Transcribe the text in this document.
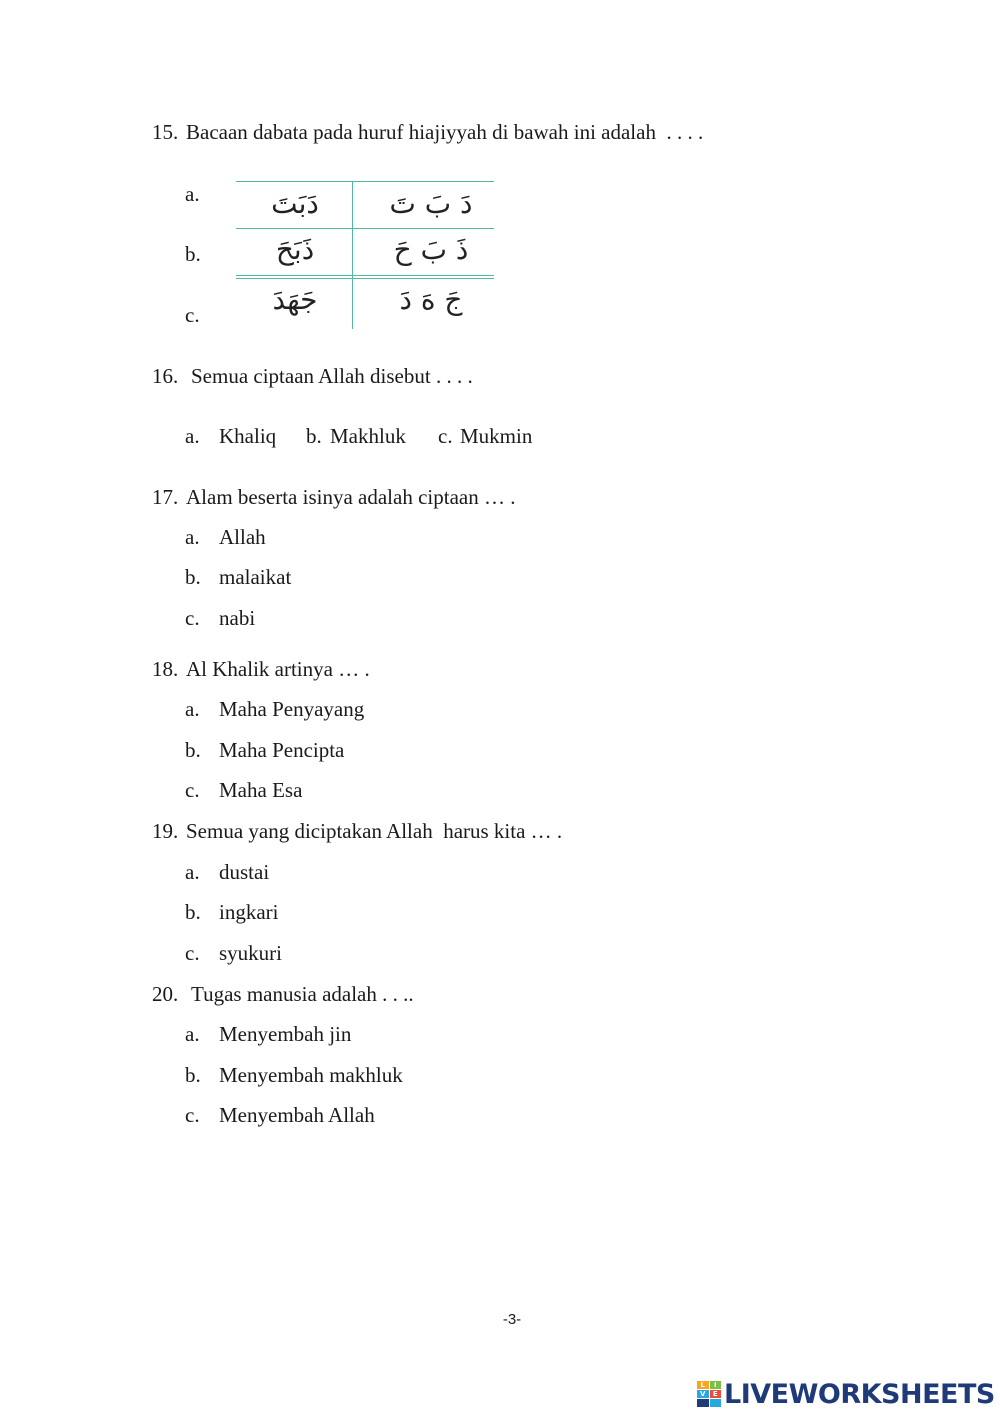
15. Bacaan dabata pada huruf hiajiyyah di bawah ini adalah  . . . .
a.
b.
c.
دَبَتَ	دَ بَ تَ
ذَبَحَ	ذَ بَ حَ
جَهَدَ	جَ هَ دَ
16. Semua ciptaan Allah disebut . . . .
a. Khaliq b. Makhluk c. Mukmin
17. Alam beserta isinya adalah ciptaan … .
a. Allah
b. malaikat
c. nabi
18. Al Khalik artinya … .
a. Maha Penyayang
b. Maha Pencipta
c. Maha Esa
19. Semua yang diciptakan Allah  harus kita … .
a. dustai
b. ingkari
c. syukuri
20. Tugas manusia adalah . . ..
a. Menyembah jin
b. Menyembah makhluk
c. Menyembah Allah
-3-
L	I
V	E LIVEWORKSHEETS
